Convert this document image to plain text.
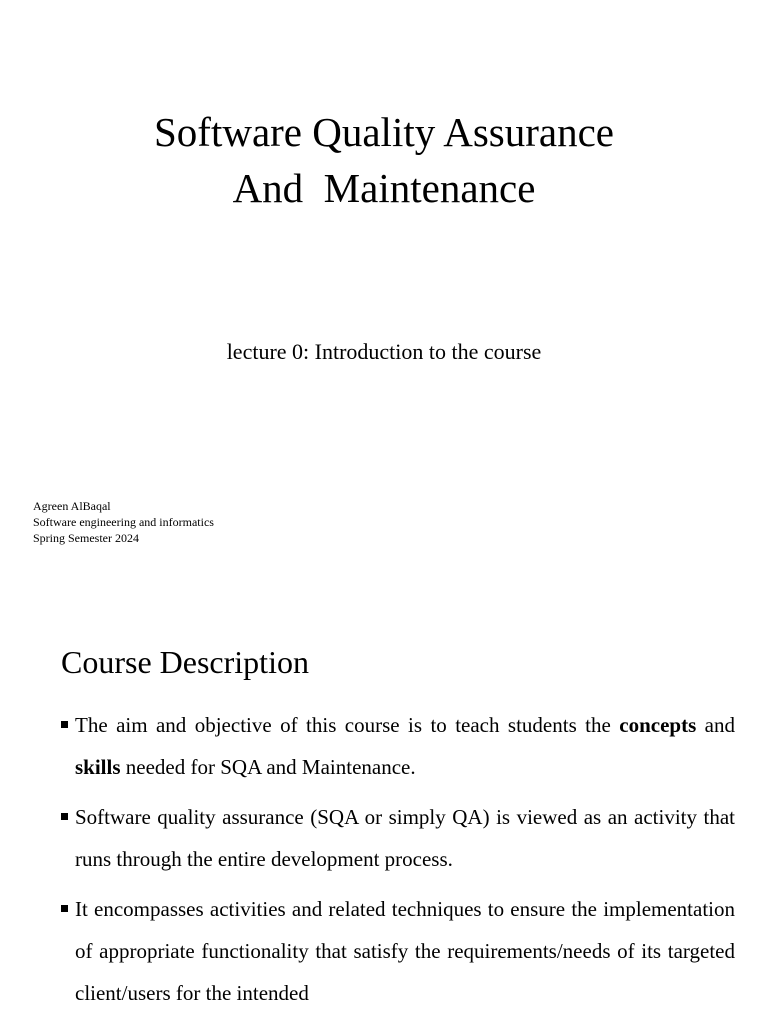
Software Quality Assurance
And  Maintenance

lecture 0: Introduction to the course

Agreen AlBaqal
Software engineering and informatics
Spring Semester 2024
Course Description
The aim and objective of this course is to teach students the concepts and skills needed for SQA and Maintenance.
Software quality assurance (SQA or simply QA) is viewed as an activity that runs through the entire development process.
It encompasses activities and related techniques to ensure the implementation of appropriate functionality that satisfy the requirements/needs of its targeted client/users for the intended
